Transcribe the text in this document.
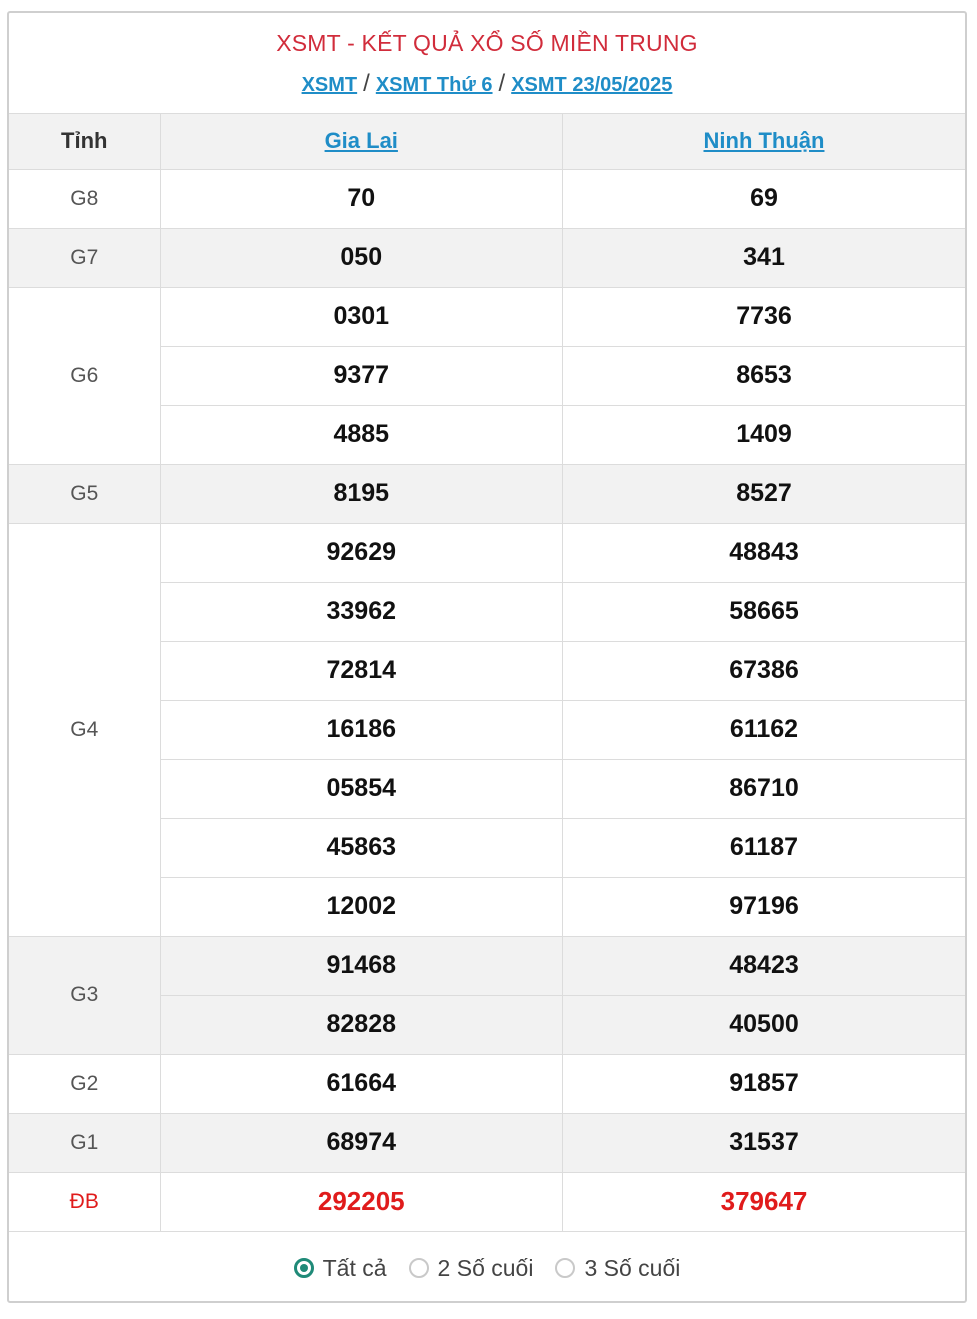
XSMT - KẾT QUẢ XỔ SỐ MIỀN TRUNG
XSMT / XSMT Thứ 6 / XSMT 23/05/2025
Tỉnh	Gia Lai	Ninh Thuận
G8	70	69
G7	050	341
G6	0301	7736
	9377	8653
	4885	1409
G5	8195	8527
G4	92629	48843
	33962	58665
	72814	67386
	16186	61162
	05854	86710
	45863	61187
	12002	97196
G3	91468	48423
	82828	40500
G2	61664	91857
G1	68974	31537
ĐB	292205	379647
Tất cả 2 Số cuối 3 Số cuối
